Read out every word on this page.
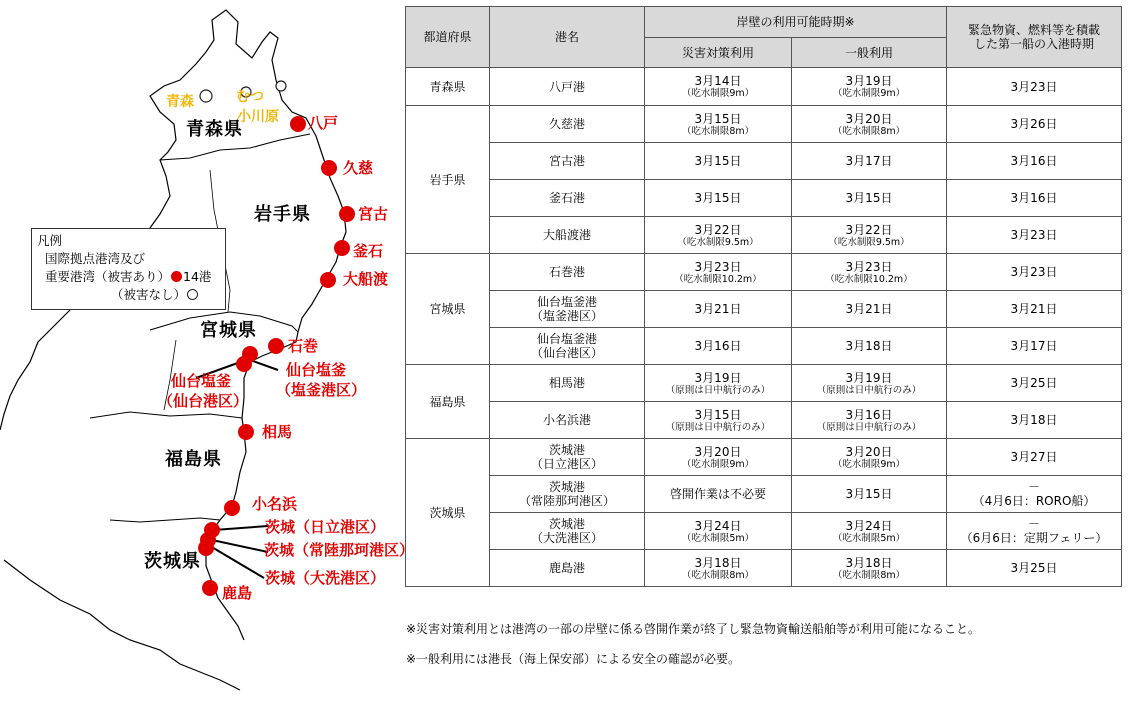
青森県
岩手県
宮城県
福島県
茨城県
青森	むつ
小川原 八戸
久慈
宮古
釜石
大船渡
石巻
仙台塩釜
（塩釜港区）
仙台塩釜
（仙台港区）
相馬
小名浜
茨城（日立港区）
茨城（常陸那珂港区）
茨城（大洗港区）
鹿島
凡例
国際拠点港湾及び
重要港湾（被害あり） 14港
（被害なし）
都道府県	港名	岸壁の利用可能時期※		緊急物資、燃料等を積載
した第一船の入港時期

		災害対策利用	一般利用	
青森県	八戸港	3月14日
（吃水制限9m）	3月19日
（吃水制限9m）	3月23日

岩手県	久慈港	3月15日
（吃水制限8m）	3月20日
（吃水制限8m）	3月26日

	宮古港	3月15日	3月17日	3月16日

	釜石港	3月15日	3月15日	3月16日

	大船渡港	3月22日
（吃水制限9.5m）	3月22日
（吃水制限9.5m）	3月23日

宮城県	石巻港	3月23日
（吃水制限10.2m）	3月23日
（吃水制限10.2m）	3月23日

	仙台塩釜港
（塩釜港区）	3月21日	3月21日	3月21日

	仙台塩釜港
（仙台港区）	3月16日	3月18日	3月17日

福島県	相馬港	3月19日
（原則は日中航行のみ）	3月19日
（原則は日中航行のみ）	3月25日

	小名浜港	3月15日
（原則は日中航行のみ）	3月16日
（原則は日中航行のみ）	3月18日

茨城県	茨城港
（日立港区）	3月20日
（吃水制限9m）	3月20日
（吃水制限9m）	3月27日

	茨城港
（常陸那珂港区）	啓開作業は不必要	3月15日	－
（4月6日：RORO船）

	茨城港
（大洗港区）	3月24日
（吃水制限5m）	3月24日
（吃水制限5m）	－
（6月6日：定期フェリー）

	鹿島港	3月18日
（吃水制限8m）	3月18日
（吃水制限8m）	3月25日
※災害対策利用とは港湾の一部の岸壁に係る啓開作業が終了し緊急物資輸送船舶等が利用可能になること。
※一般利用には港長（海上保安部）による安全の確認が必要。
